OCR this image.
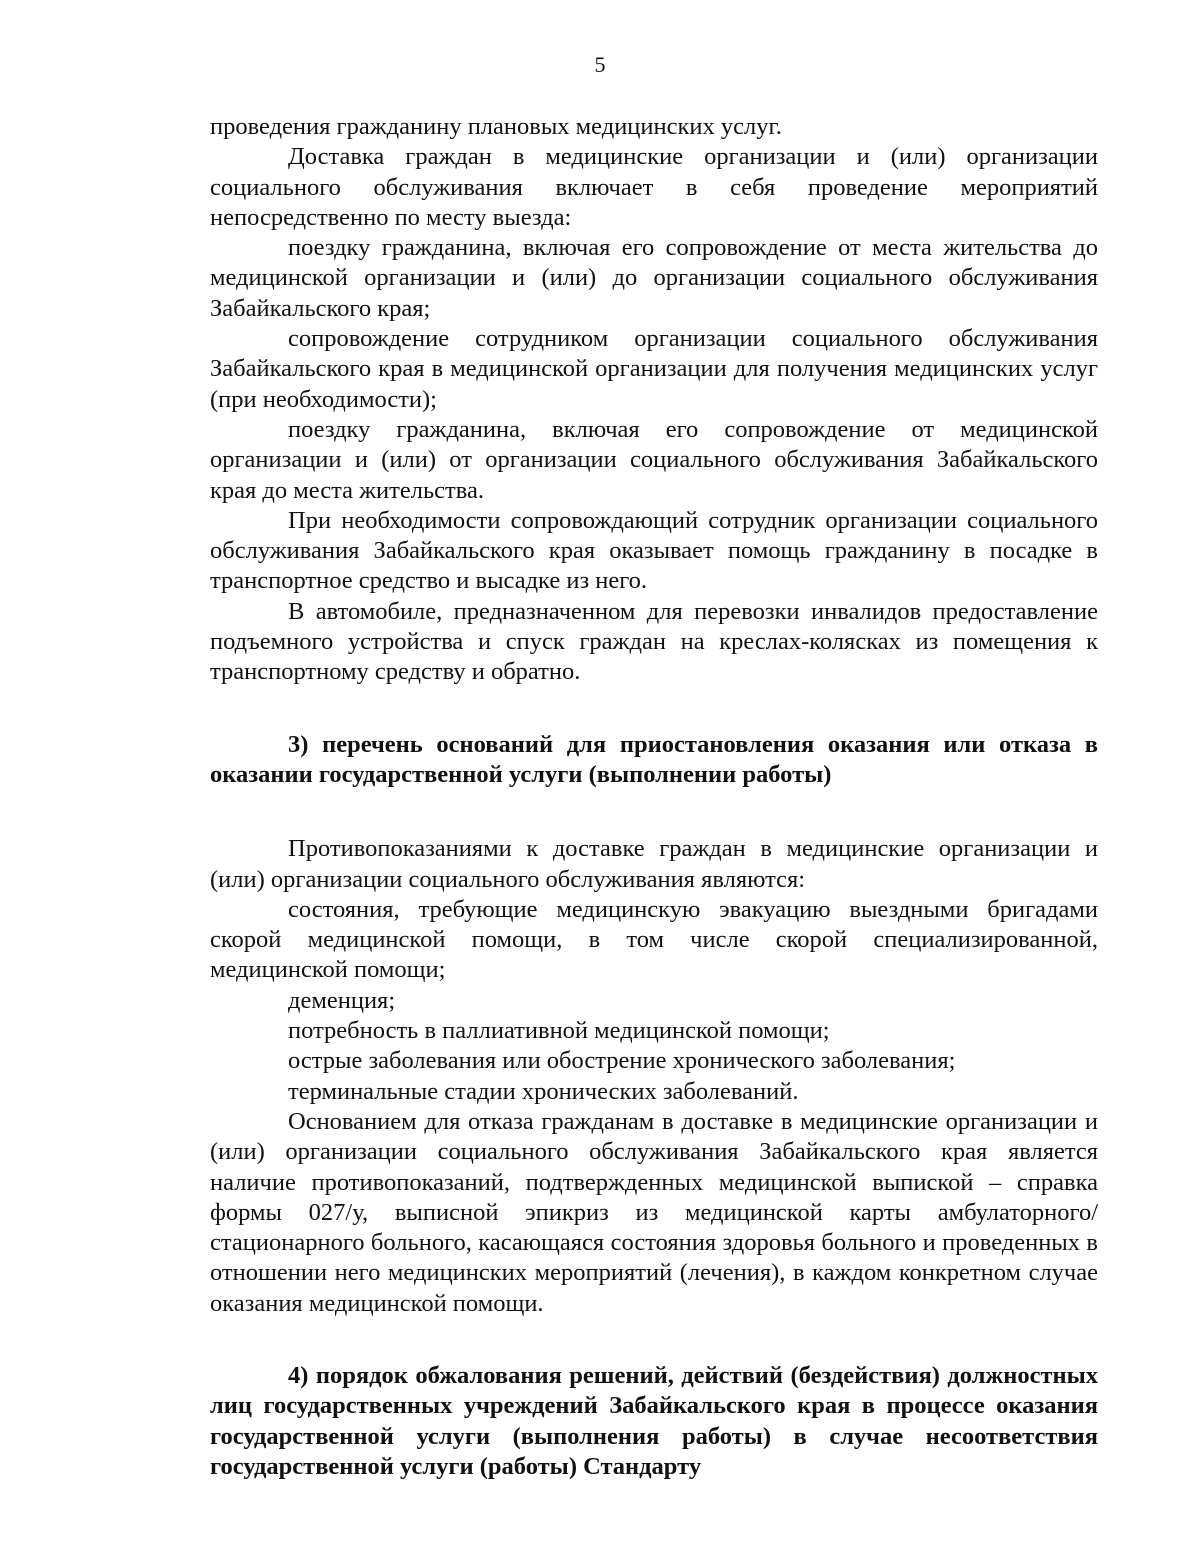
5

проведения гражданину плановых медицинских услуг.

Доставка граждан в медицинские организации и (или) организации социального обслуживания включает в себя проведение мероприятий непосредственно по месту выезда:

поездку гражданина, включая его сопровождение от места жительства до медицинской организации и (или) до организации социального обслуживания Забайкальского края;

сопровождение сотрудником организации социального обслуживания Забайкальского края в медицинской организации для получения медицинских услуг (при необходимости);

поездку гражданина, включая его сопровождение от медицинской организации и (или) от организации социального обслуживания Забайкальского края до места жительства.

При необходимости сопровождающий сотрудник организации социального обслуживания Забайкальского края оказывает помощь гражданину в посадке в транспортное средство и высадке из него.

В автомобиле, предназначенном для перевозки инвалидов предоставление подъемного устройства и спуск граждан на креслах-колясках из помещения к транспортному средству и обратно.

3) перечень оснований для приостановления оказания или отказа в оказании государственной услуги (выполнении работы)

Противопоказаниями к доставке граждан в медицинские организации и (или) организации социального обслуживания являются:

состояния, требующие медицинскую эвакуацию выездными бригадами скорой медицинской помощи, в том числе скорой специализированной, медицинской помощи;

деменция;

потребность в паллиативной медицинской помощи;

острые заболевания или обострение хронического заболевания;

терминальные стадии хронических заболеваний.

Основанием для отказа гражданам в доставке в медицинские организации и (или) организации социального обслуживания Забайкальского края является наличие противопоказаний, подтвержденных медицинской выпиской – справка формы 027/у, выписной эпикриз из медицинской карты амбулаторного/стационарного больного, касающаяся состояния здоровья больного и проведенных в отношении него медицинских мероприятий (лечения), в каждом конкретном случае оказания медицинской помощи.

4) порядок обжалования решений, действий (бездействия) должностных лиц государственных учреждений Забайкальского края в процессе оказания государственной услуги (выполнения работы) в случае несоответствия государственной услуги (работы) Стандарту
